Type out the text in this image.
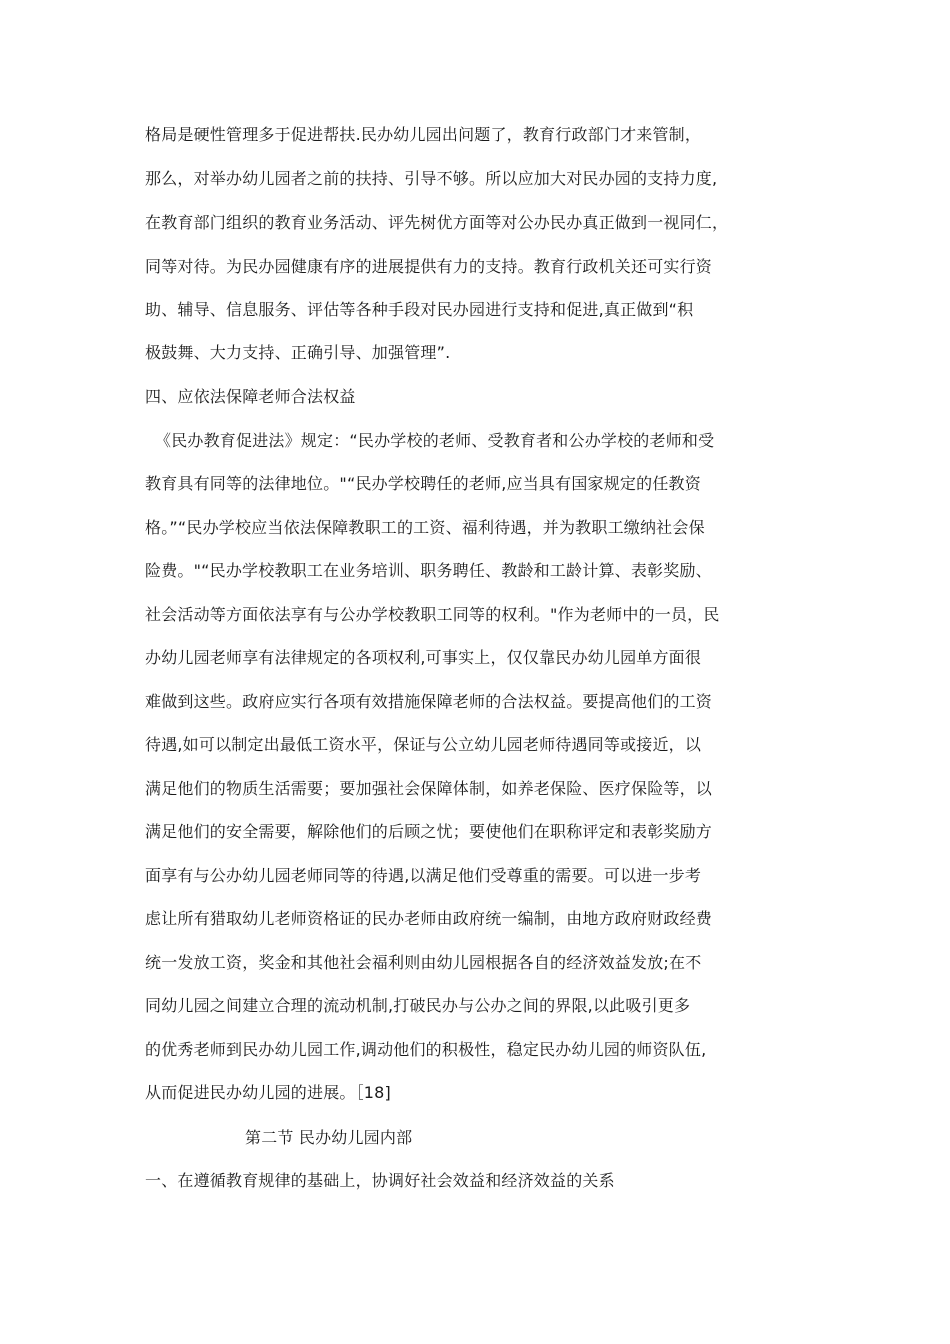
格局是硬性管理多于促进帮扶.民办幼儿园出问题了，教育行政部门才来管制，
那么，对举办幼儿园者之前的扶持、引导不够。所以应加大对民办园的支持力度,
在教育部门组织的教育业务活动、评先树优方面等对公办民办真正做到一视同仁，
同等对待。为民办园健康有序的进展提供有力的支持。教育行政机关还可实行资
助、辅导、信息服务、评估等各种手段对民办园进行支持和促进,真正做到“积
极鼓舞、大力支持、正确引导、加强管理”.
四、应依法保障老师合法权益
《民办教育促进法》规定：“民办学校的老师、受教育者和公办学校的老师和受
教育具有同等的法律地位。"“民办学校聘任的老师,应当具有国家规定的任教资
格。”“民办学校应当依法保障教职工的工资、福利待遇，并为教职工缴纳社会保
险费。"“民办学校教职工在业务培训、职务聘任、教龄和工龄计算、表彰奖励、
社会活动等方面依法享有与公办学校教职工同等的权利。"作为老师中的一员，民
办幼儿园老师享有法律规定的各项权利,可事实上，仅仅靠民办幼儿园单方面很
难做到这些。政府应实行各项有效措施保障老师的合法权益。要提高他们的工资
待遇,如可以制定出最低工资水平，保证与公立幼儿园老师待遇同等或接近，以
满足他们的物质生活需要；要加强社会保障体制，如养老保险、医疗保险等，以
满足他们的安全需要，解除他们的后顾之忧；要使他们在职称评定和表彰奖励方
面享有与公办幼儿园老师同等的待遇,以满足他们受尊重的需要。可以进一步考
虑让所有猎取幼儿老师资格证的民办老师由政府统一编制，由地方政府财政经费
统一发放工资，奖金和其他社会福利则由幼儿园根据各自的经济效益发放;在不
同幼儿园之间建立合理的流动机制,打破民办与公办之间的界限,以此吸引更多
的优秀老师到民办幼儿园工作,调动他们的积极性，稳定民办幼儿园的师资队伍,
从而促进民办幼儿园的进展。［18]
第二节 民办幼儿园内部
一、在遵循教育规律的基础上，协调好社会效益和经济效益的关系
